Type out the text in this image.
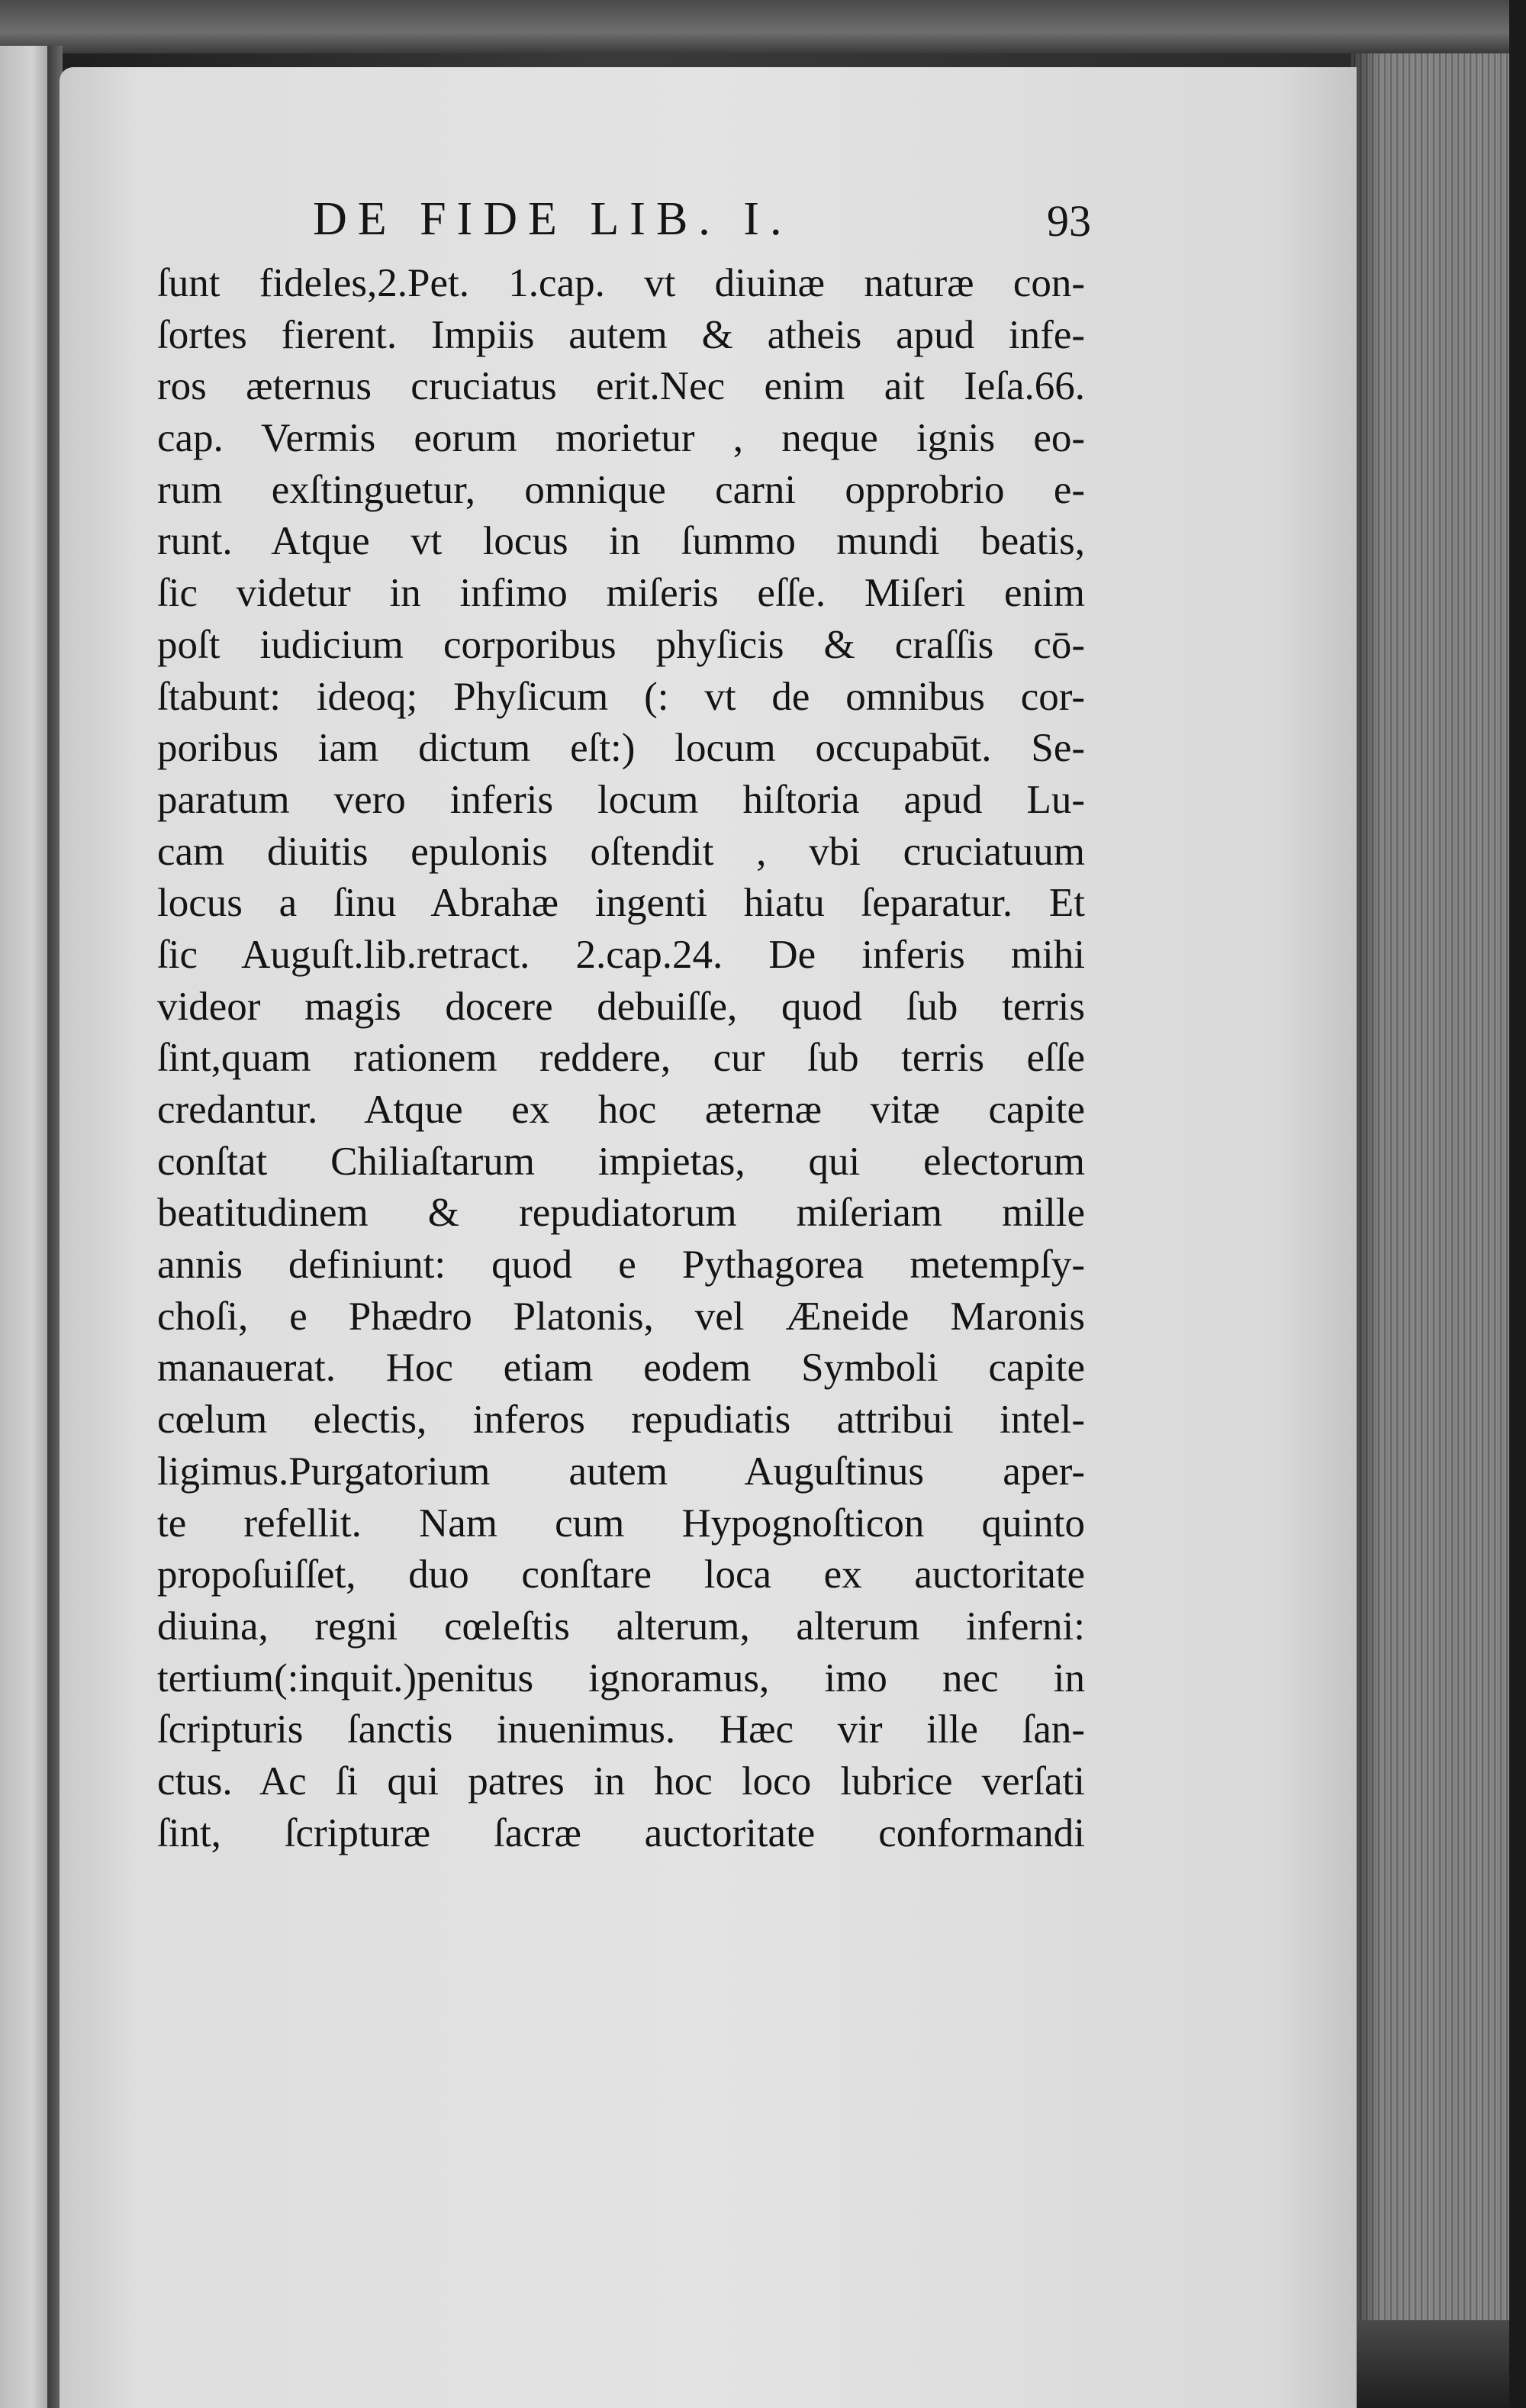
DE FIDE LIB. I.	93
ſunt fideles,2.Pet. 1.cap. vt diuinæ naturæ con-
ſortes fierent. Impiis autem & atheis apud infe-
ros æternus cruciatus erit.Nec enim ait Ieſa.66.
cap. Vermis eorum morietur , neque ignis eo-
rum exſtinguetur, omnique carni opprobrio e-
runt. Atque vt locus in ſummo mundi beatis,
ſic videtur in infimo miſeris eſſe. Miſeri enim
poſt iudicium corporibus phyſicis & craſſis cō-
ſtabunt: ideoq; Phyſicum (: vt de omnibus cor-
poribus iam dictum eſt:) locum occupabūt. Se-
paratum vero inferis locum hiſtoria apud Lu-
cam diuitis epulonis oſtendit , vbi cruciatuum
locus a ſinu Abrahæ ingenti hiatu ſeparatur. Et
ſic Auguſt.lib.retract. 2.cap.24. De inferis mihi
videor magis docere debuiſſe, quod ſub terris
ſint,quam rationem reddere, cur ſub terris eſſe
credantur. Atque ex hoc æternæ vitæ capite
conſtat Chiliaſtarum impietas, qui electorum
beatitudinem & repudiatorum miſeriam mille
annis definiunt: quod e Pythagorea metempſy-
choſi, e Phædro Platonis, vel Æneide Maronis
manauerat. Hoc etiam eodem Symboli capite
cœlum electis, inferos repudiatis attribui intel-
ligimus.Purgatorium autem Auguſtinus aper-
te refellit. Nam cum Hypognoſticon quinto
propoſuiſſet, duo conſtare loca ex auctoritate
diuina, regni cœleſtis alterum, alterum inferni:
tertium(:inquit.)penitus ignoramus, imo nec in
ſcripturis ſanctis inuenimus. Hæc vir ille ſan-
ctus. Ac ſi qui patres in hoc loco lubrice verſati
ſint, ſcripturæ ſacræ auctoritate conformandi
